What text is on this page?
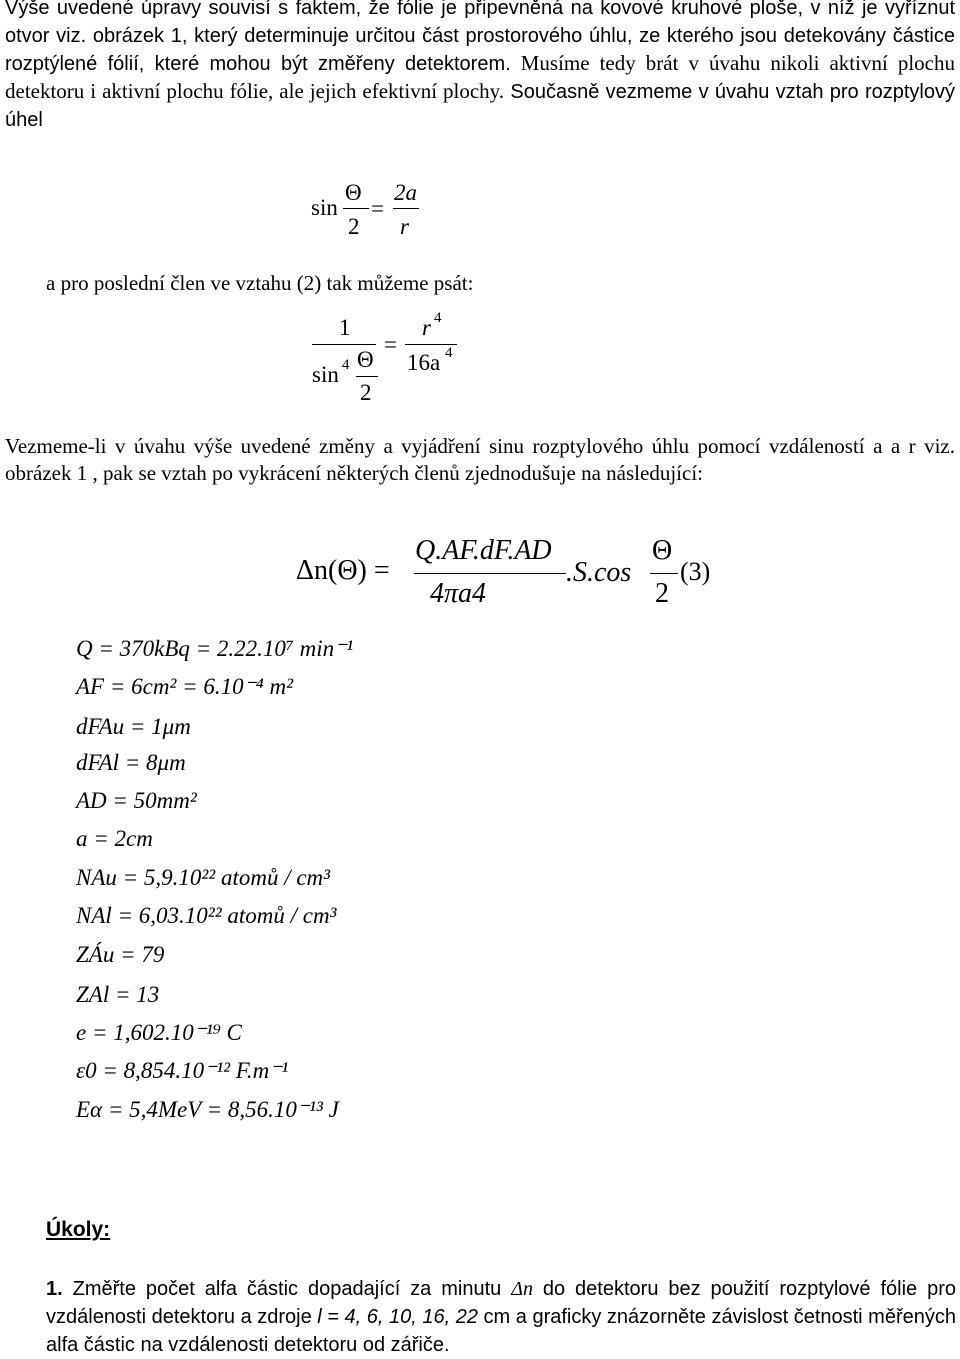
Výše uvedené úpravy souvisí s faktem, že fólie je připevněná na kovové kruhové ploše, v níž je vyříznut otvor viz. obrázek 1, který determinuje určitou část prostorového úhlu, ze kterého jsou detekovány částice rozptýlené fólií, které mohou být změřeny detektorem. Musíme tedy brát v úvahu nikoli aktivní plochu detektoru i aktivní plochu fólie, ale jejich efektivní plochy. Současně vezmeme v úvahu vztah pro rozptylový úhel
sin
Θ
2
=
2a
r
a pro poslední člen ve vztahu (2) tak můžeme psát:
1
sin 4 Θ
2
=
r 4
16a 4
Vezmeme-li v úvahu výše uvedené změny a vyjádření sinu rozptylového úhlu pomocí vzdáleností a a r viz. obrázek 1 , pak se vztah po vykrácení některých členů zjednodušuje na následující:
Δn(Θ) =
Q.AF.dF.AD
4πa4
.S.cos
Θ
2
(3)
Q = 370kBq = 2.22.10⁷ min⁻¹
AF = 6cm² = 6.10⁻⁴ m²
dFAu = 1μm
dFAl = 8μm
AD = 50mm²
a = 2cm
NAu = 5,9.10²² atomů / cm³
NAl = 6,03.10²² atomů / cm³
ZÁu = 79
ZAl = 13
e = 1,602.10⁻¹⁹ C
ε0 = 8,854.10⁻¹² F.m⁻¹
Eα = 5,4MeV = 8,56.10⁻¹³ J
Úkoly:
1. Změřte počet alfa částic dopadající za minutu Δn do detektoru bez použití rozptylové fólie pro vzdálenosti detektoru a zdroje l = 4, 6, 10, 16, 22 cm a graficky znázorněte závislost četnosti měřených alfa částic na vzdálenosti detektoru od zářiče.
